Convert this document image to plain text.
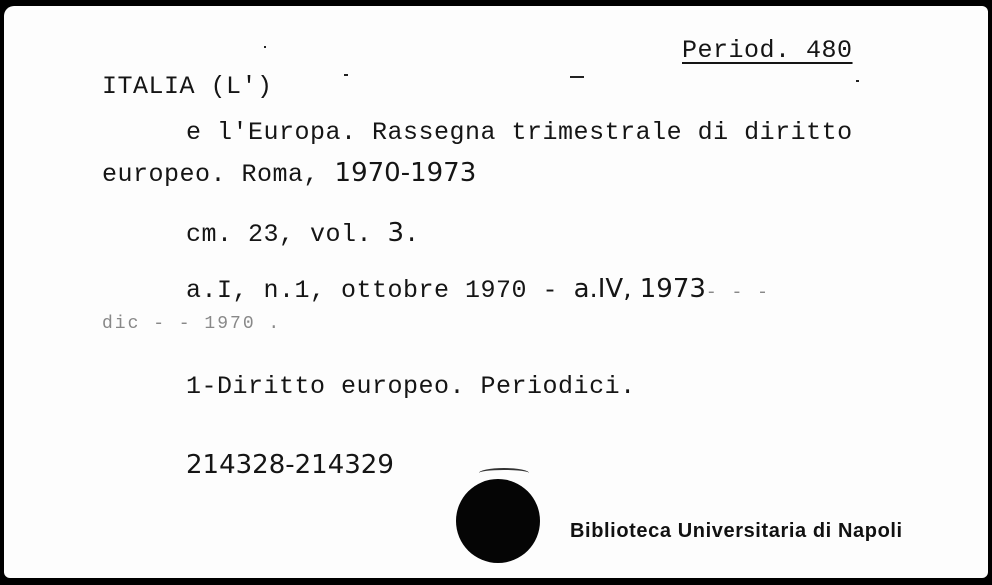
Period. 480
ITALIA (L')
e l'Europa. Rassegna trimestrale di diritto
europeo. Roma, 1970-1973
cm. 23, vol. 3.
a.I, n.1, ottobre 1970 - a.IV, 1973- - -
dic - - 1970 .
1-Diritto europeo. Periodici.
214328-214329
Biblioteca Universitaria di Napoli
